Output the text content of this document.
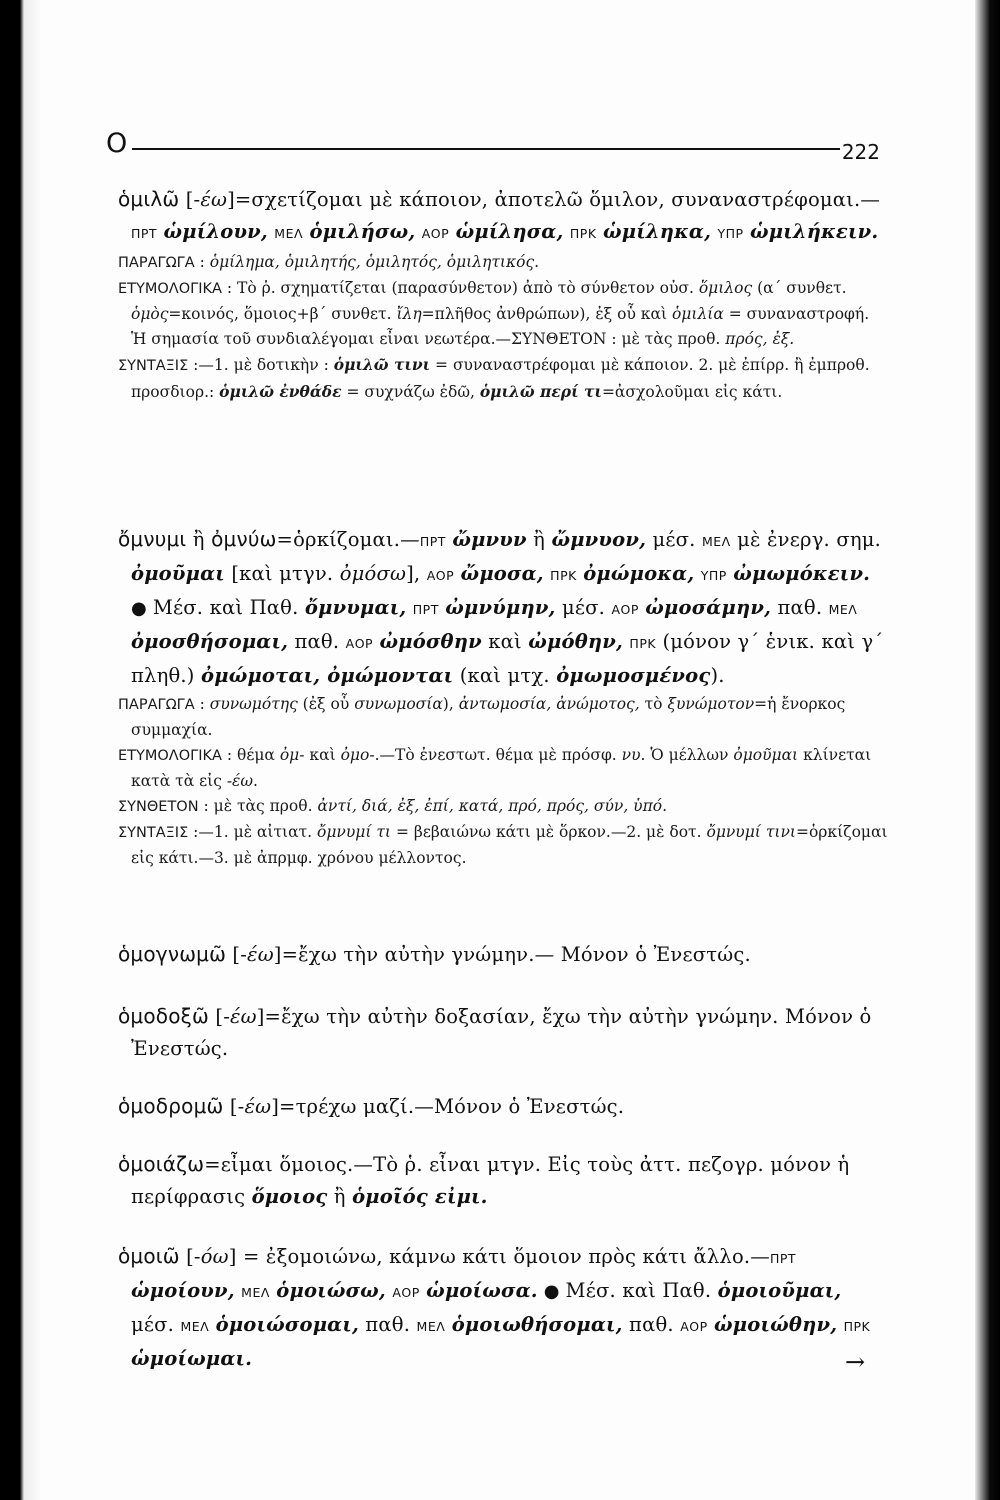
Ο	222

ὁμιλῶ [-έω]=σχετίζομαι μὲ κάποιον, ἀποτελῶ ὅμιλον, συναναστρέφομαι.—ΠΡΤ ὡμίλουν, ΜΕΛ ὁμιλήσω, ΑΟΡ ὡμίλησα, ΠΡΚ ὡμίληκα, ΥΠΡ ὡμιλήκειν.

ΠΑΡΑΓΩΓΑ : ὁμίλημα, ὁμιλητής, ὁμιλητός, ὁμιλητικός.

ΕΤΥΜΟΛΟΓΙΚΑ : Τὸ ῥ. σχηματίζεται (παρασύνθετον) ἀπὸ τὸ σύνθετον οὐσ. ὅμιλος (α΄ συνθετ. ὁμὸς=κοινός, ὅμοιος+β΄ συνθετ. ἴλη=πλῆθος ἀνθρώπων), ἐξ οὗ καὶ ὁμιλία = συναναστροφή. Ἡ σημασία τοῦ συνδιαλέγομαι εἶναι νεωτέρα.—ΣΥΝΘΕΤΟΝ : μὲ τὰς προθ. πρός, ἐξ.

ΣΥΝΤΑΞΙΣ :—1. μὲ δοτικὴν : ὁμιλῶ τινι = συναναστρέφομαι μὲ κάποιον. 2. μὲ ἐπίρρ. ἢ ἐμπροθ. προσδιορ.: ὁμιλῶ ἐνθάδε = συχνάζω ἐδῶ, ὁμιλῶ περί τι=ἀσχολοῦμαι εἰς κάτι.

ὄμνυμι ἢ ὀμνύω=ὁρκίζομαι.—ΠΡΤ ὤμνυν ἢ ὤμνυον, μέσ. ΜΕΛ μὲ ἐνεργ. σημ. ὀμοῦμαι [καὶ μτγν. ὀμόσω], ΑΟΡ ὤμοσα, ΠΡΚ ὀμώμοκα, ΥΠΡ ὠμωμόκειν. ● Μέσ. καὶ Παθ. ὄμνυμαι, ΠΡΤ ὠμνύμην, μέσ. ΑΟΡ ὠμοσάμην, παθ. ΜΕΛ ὀμοσθήσομαι, παθ. ΑΟΡ ὠμόσθην καὶ ὠμόθην, ΠΡΚ (μόνον γ΄ ἑνικ. καὶ γ΄ πληθ.) ὀμώμοται, ὀμώμονται (καὶ μτχ. ὀμωμοσμένος).

ΠΑΡΑΓΩΓΑ : συνωμότης (ἐξ οὗ συνωμοσία), ἀντωμοσία, ἀνώμοτος, τὸ ξυνώμοτον=ἡ ἔνορκος συμμαχία.

ΕΤΥΜΟΛΟΓΙΚΑ : θέμα ὀμ- καὶ ὀμο-.—Τὸ ἐνεστωτ. θέμα μὲ πρόσφ. νυ. Ὁ μέλλων ὀμοῦμαι κλίνεται κατὰ τὰ εἰς -έω.

ΣΥΝΘΕΤΟΝ : μὲ τὰς προθ. ἀντί, διά, ἐξ, ἐπί, κατά, πρό, πρός, σύν, ὑπό.

ΣΥΝΤΑΞΙΣ :—1. μὲ αἰτιατ. ὄμνυμί τι = βεβαιώνω κάτι μὲ ὅρκον.—2. μὲ δοτ. ὄμνυμί τινι=ὁρκίζομαι εἰς κάτι.—3. μὲ ἀπρμφ. χρόνου μέλλοντος.

ὁμογνωμῶ [-έω]=ἔχω τὴν αὐτὴν γνώμην.— Μόνον ὁ Ἐνεστώς.

ὁμοδοξῶ [-έω]=ἔχω τὴν αὐτὴν δοξασίαν, ἔχω τὴν αὐτὴν γνώμην. Μόνον ὁ Ἐνεστώς.

ὁμοδρομῶ [-έω]=τρέχω μαζί.—Μόνον ὁ Ἐνεστώς.

ὁμοιάζω=εἶμαι ὅμοιος.—Τὸ ῥ. εἶναι μτγν. Εἰς τοὺς ἀττ. πεζογρ. μόνον ἡ περίφρασις ὅμοιος ἢ ὁμοῖός εἰμι.

ὁμοιῶ [-όω] = ἐξομοιώνω, κάμνω κάτι ὅμοιον πρὸς κάτι ἄλλο.—ΠΡΤ ὡμοίουν, ΜΕΛ ὁμοιώσω, ΑΟΡ ὡμοίωσα. ● Μέσ. καὶ Παθ. ὁμοιοῦμαι, μέσ. ΜΕΛ ὁμοιώσομαι, παθ. ΜΕΛ ὁμοιωθήσομαι, παθ. ΑΟΡ ὡμοιώθην, ΠΡΚ ὡμοίωμαι.	→
